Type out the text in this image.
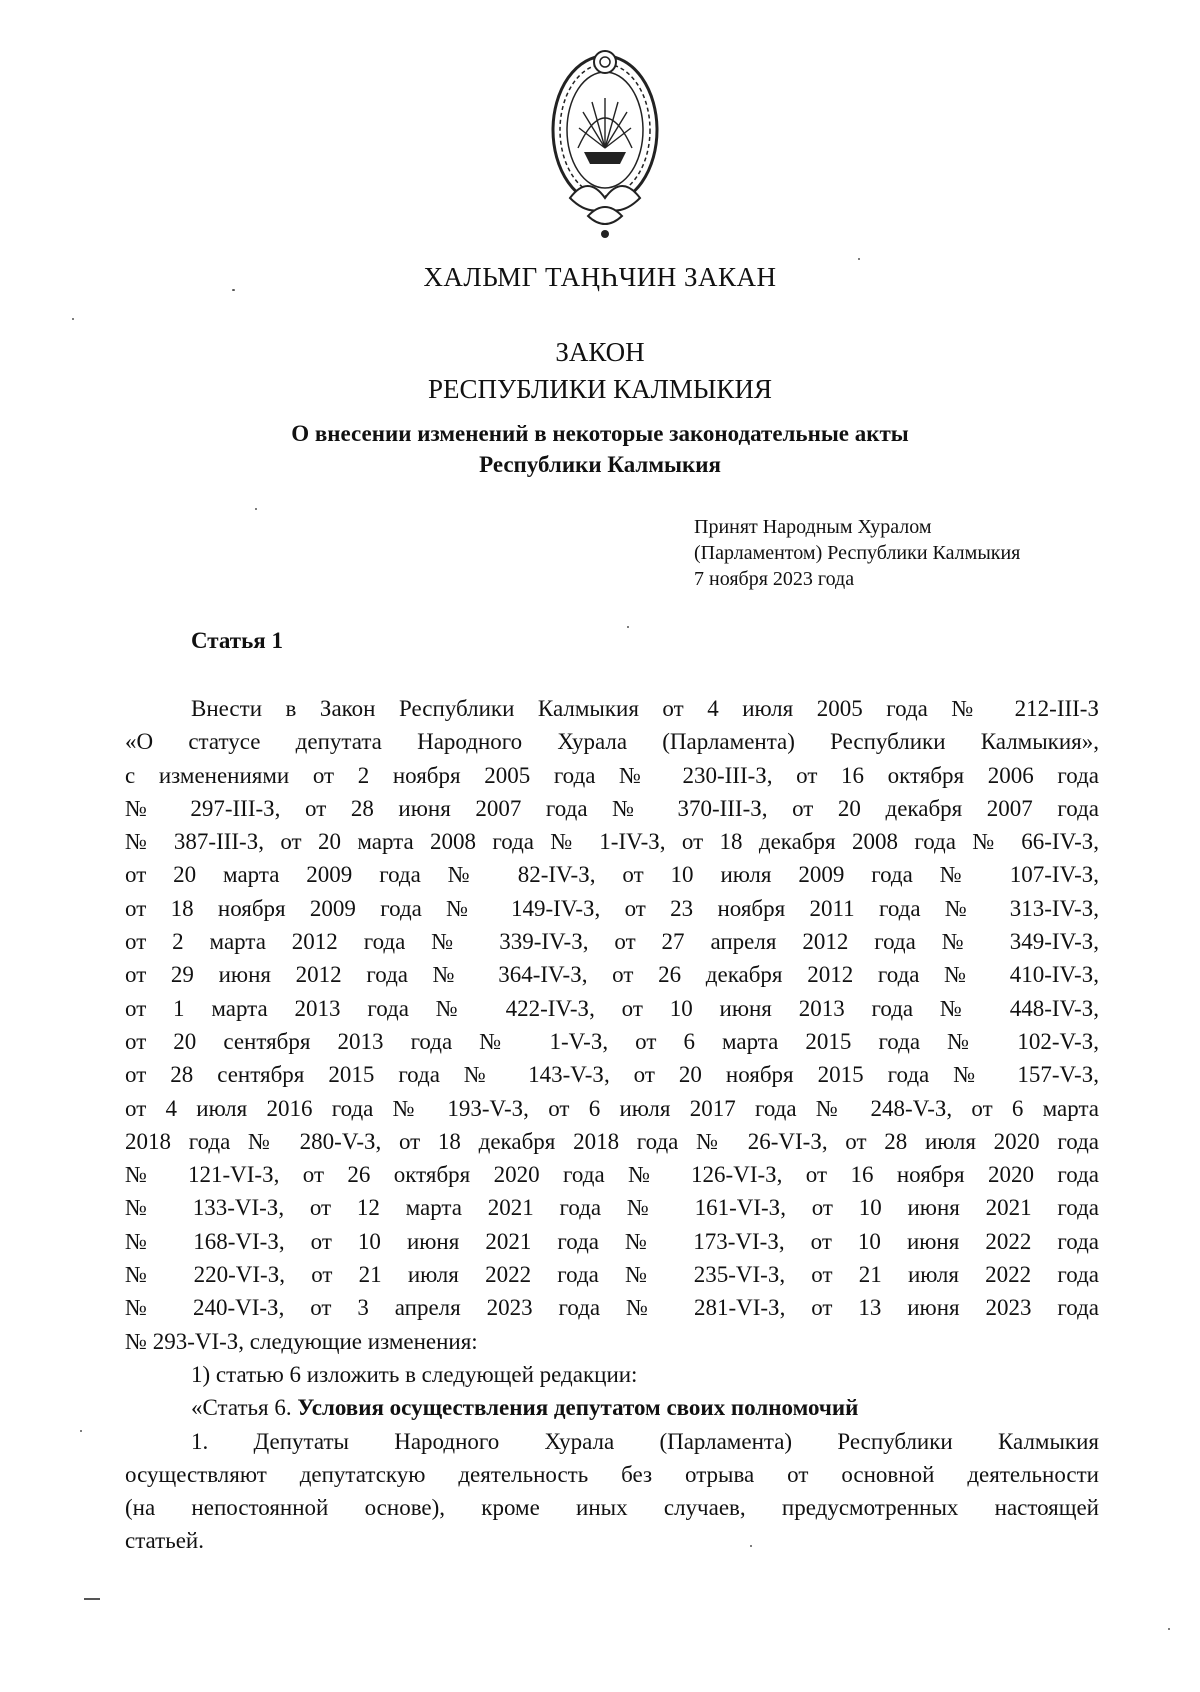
ХАЛЬМГ ТАҢҺЧИН ЗАКАН
ЗАКОН
РЕСПУБЛИКИ КАЛМЫКИЯ
О внесении изменений в некоторые законодательные акты
Республики Калмыкия
Принят Народным Хуралом
(Парламентом) Республики Калмыкия
7 ноября 2023 года
Статья 1
Внести в Закон Республики Калмыкия от 4 июля 2005 года № 212-III-З
«О статусе депутата Народного Хурала (Парламента) Республики Калмыкия»,
с изменениями от 2 ноября 2005 года № 230-III-З, от 16 октября 2006 года
№ 297-III-З, от 28 июня 2007 года № 370-III-З, от 20 декабря 2007 года
№ 387-III-З, от 20 марта 2008 года № 1-IV-З, от 18 декабря 2008 года № 66-IV-З,
от 20 марта 2009 года № 82-IV-З, от 10 июля 2009 года № 107-IV-З,
от 18 ноября 2009 года № 149-IV-З, от 23 ноября 2011 года № 313-IV-З,
от 2 марта 2012 года № 339-IV-З, от 27 апреля 2012 года № 349-IV-З,
от 29 июня 2012 года № 364-IV-З, от 26 декабря 2012 года № 410-IV-З,
от 1 марта 2013 года № 422-IV-З, от 10 июня 2013 года № 448-IV-З,
от 20 сентября 2013 года № 1-V-З, от 6 марта 2015 года № 102-V-З,
от 28 сентября 2015 года № 143-V-З, от 20 ноября 2015 года № 157-V-З,
от 4 июля 2016 года № 193-V-З, от 6 июля 2017 года № 248-V-З, от 6 марта
2018 года № 280-V-З, от 18 декабря 2018 года № 26-VI-З, от 28 июля 2020 года
№ 121-VI-З, от 26 октября 2020 года № 126-VI-З, от 16 ноября 2020 года
№ 133-VI-З, от 12 марта 2021 года № 161-VI-З, от 10 июня 2021 года
№ 168-VI-З, от 10 июня 2021 года № 173-VI-З, от 10 июня 2022 года
№ 220-VI-З, от 21 июля 2022 года № 235-VI-З, от 21 июля 2022 года
№ 240-VI-З, от 3 апреля 2023 года № 281-VI-З, от 13 июня 2023 года
№ 293-VI-З, следующие изменения:
1) статью 6 изложить в следующей редакции:
«Статья 6. Условия осуществления депутатом своих полномочий
1. Депутаты Народного Хурала (Парламента) Республики Калмыкия
осуществляют депутатскую деятельность без отрыва от основной деятельности
(на непостоянной основе), кроме иных случаев, предусмотренных настоящей
статьей.
